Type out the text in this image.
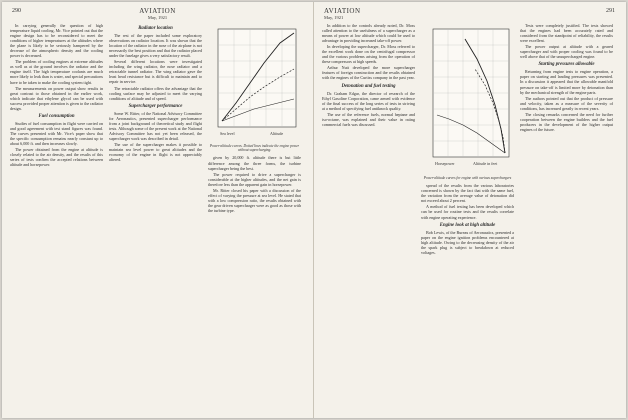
290	AVIATION
May, 1921

In carrying generally the question of high temperature liquid cooling, Mr. Vice pointed out that the engine design has to be reconsidered to meet the conditions of higher temperatures at the altitudes where the plane is likely to be seriously hampered by the decrease of the atmospheric density and the cooling power is decreased.

The problem of cooling engines at extreme altitudes as well as at the ground involves the radiator and the engine itself. The high temperature coolants are much more likely to leak than is water, and special precautions have to be taken to make the cooling system tight.

The measurements on power output show results in great contrast to those obtained in the earlier work, which indicate that ethylene glycol can be used with success provided proper attention is given to the radiator design.

Fuel consumption

Studies of fuel consumption in flight were carried on and good agreement with test stand figures was found. The curves presented with Mr. Vice's paper show that the specific consumption remains nearly constant up to about 6,000 ft. and then increases slowly.

The power obtained from the engine at altitude is closely related to the air density, and the results of this series of tests confirm the accepted relations between altitude and horsepower.

Radiator location

The rest of the paper included some exploratory observations on radiator location. It was shown that the location of the radiator in the nose of the airplane is not necessarily the best position and that the radiator placed under the fuselage gives a very satisfactory result.

Several different locations were investigated including the wing radiator, the nose radiator and a retractable tunnel radiator. The wing radiator gave the least head resistance but is difficult to maintain and to repair in service.

The retractable radiator offers the advantage that the cooling surface may be adjusted to meet the varying conditions of altitude and of speed.

Supercharger performance

Some W. Ritter, of the National Advisory Committee for Aeronautics, presented supercharger performance from a joint background of theoretical study and flight tests. Although some of the present work at the National Advisory Committee has not yet been released, the supercharger work was described in detail.

The use of the supercharger makes it possible to maintain sea level power to great altitudes and the economy of the engine in flight is not appreciably altered.

Sea level	Altitude
Power-altitude curves. Dotted lines indicate the engine power without supercharging.

given by 20,000 ft. altitude there is but little difference among the three forms, the turbine supercharger being the best.

The power required to drive a supercharger is considerable at the higher altitudes, and the net gain is therefore less than the apparent gain in horsepower.

Mr. Ritter closed his paper with a discussion of the effect of varying the pressure at sea level. He stated that with a low compression ratio, the results obtained with the gear driven supercharger were as good as those with the turbine type.

AVIATION
May, 1921
291

In addition to the controls already noted, Dr. Moss called attention to the usefulness of a supercharger as a means of power at low altitude which could be used to advantage in providing increased take-off power.

In developing the supercharger, Dr. Moss referred to the excellent work done on the centrifugal compressor and the various problems arising from the operation of these compressors at high speeds.

Arthur Nutt developed the more supercharger features of foreign construction and the results obtained with the engines of the Curtiss company in the past year.

Detonation and fuel testing

Dr. Graham Edgar, the director of research of the Ethyl Gasoline Corporation, came armed with evidence of the final success of the long series of tests in striving at a method of specifying fuel antiknock quality.

The use of the reference fuels, normal heptane and iso-octane, was explained and their value in rating commercial fuels was discussed.

Horsepower	Altitude in feet
Power-altitude curves for engine with various superchargers

spread of the results from the various laboratories concerned is shown by the fact that with the same fuel, the variation from the average value of detonation did not exceed about 2 percent.

A method of fuel testing has been developed which can be used for routine tests and the results correlate with engine operating experience.

Engine look at high altitude

Bob Lewis, of the Bureau of Aeronautics, presented a paper on the engine ignition problems encountered at high altitude. Owing to the decreasing density of the air the spark plug is subject to breakdown at reduced voltages.

Tests were completely justified. The tests showed that the engines had been accurately rated and considered from the standpoint of reliability, the results were excellent.

The power output at altitude with a geared supercharger and with proper cooling was found to be well above that of the unsupercharged engine.

Starting pressures allowable

Returning from engine tests to engine operation, a paper on starting and landing pressures was presented. In a discussion it appeared that the allowable manifold pressure on take-off is limited more by detonation than by the mechanical strength of the engine parts.

The authors pointed out that the product of pressure and velocity, taken as a measure of the severity of conditions, has increased greatly in recent years.

The closing remarks concerned the need for further cooperation between the engine builders and the fuel producers in the development of the higher output engines of the future.
